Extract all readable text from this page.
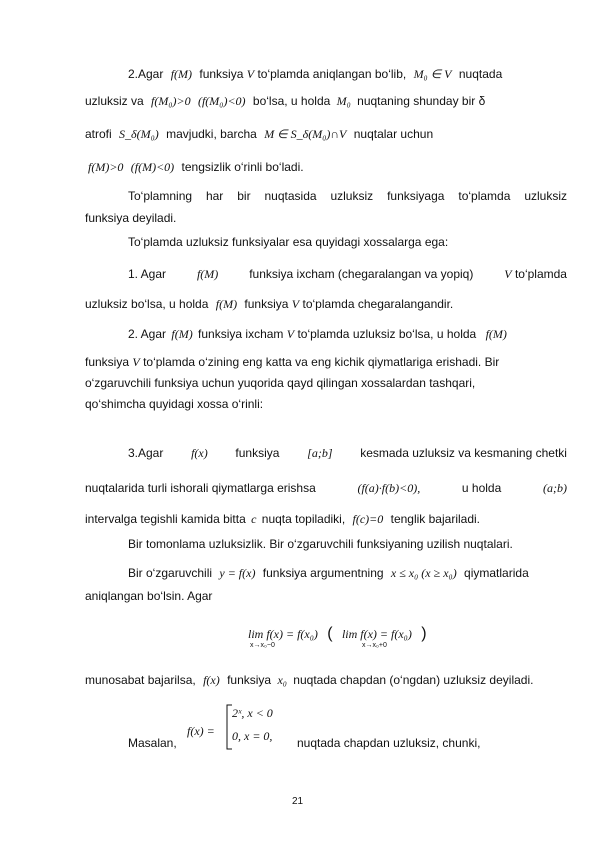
2.Agar f(M) funksiya V to‘plamda aniqlangan bo‘lib, M₀ ∈ V nuqtada
uzluksiz va f(M₀)>0 (f(M₀)<0) bo‘lsa, u holda M₀ nuqtaning shunday bir δ
atrofi S_δ(M₀) mavjudki, barcha M ∈ S_δ(M₀)∩V nuqtalar uchun
f(M)>0 (f(M)<0) tengsizlik o‘rinli bo‘ladi.
To‘plamning har bir nuqtasida uzluksiz funksiyaga to‘plamda uzluksiz
funksiya deyiladi.
To‘plamda uzluksiz funksiyalar esa quyidagi xossalarga ega:
1. Agar	f(M)	funksiya ixcham (chegaralangan va yopiq)	V to‘plamda
uzluksiz bo‘lsa, u holda f(M) funksiya V to‘plamda chegaralangandir.
2. Agar f(M) funksiya ixcham V to‘plamda uzluksiz bo‘lsa, u holda f(M)
funksiya V to‘plamda o‘zining eng katta va eng kichik qiymatlariga erishadi. Bir
o‘zgaruvchili funksiya uchun yuqorida qayd qilingan xossalardan tashqari,
qo‘shimcha quyidagi xossa o‘rinli:
3.Agar f(x) funksiya [a;b] kesmada uzluksiz va kesmaning chetki
nuqtalarida turli ishorali qiymatlarga erishsa	(f(a)·f(b)<0),	u holda	(a;b)
intervalga tegishli kamida bitta c nuqta topiladiki, f(c)=0 tenglik bajariladi.
Bir tomonlama uzluksizlik. Bir o‘zgaruvchili funksiyaning uzilish nuqtalari.
Bir o‘zgaruvchili y = f(x) funksiya argumentning x ≤ x₀ (x ≥ x₀) qiymatlarida
aniqlangan bo‘lsin. Agar
lim f(x) = f(x₀) ( lim f(x) = f(x₀) )
x→x₀−0	x→x₀+0
munosabat bajarilsa, f(x) funksiya x₀ nuqtada chapdan (o‘ngdan) uzluksiz deyiladi.
Masalan,
f(x) =
2ˣ, x < 0
0, x = 0, nuqtada chapdan uzluksiz, chunki,
21
